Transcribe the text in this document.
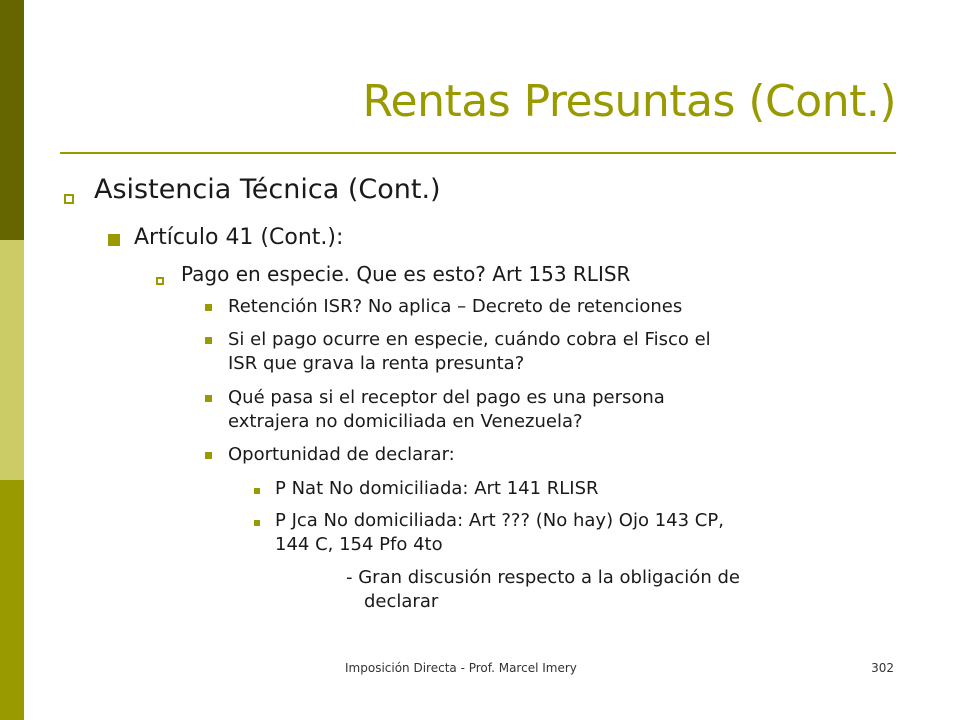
Rentas Presuntas (Cont.)
Asistencia Técnica (Cont.)
Artículo 41 (Cont.):
Pago en especie. Que es esto? Art 153 RLISR
Retención ISR? No aplica – Decreto de retenciones
Si el pago ocurre en especie, cuándo cobra el Fisco el
ISR que grava la renta presunta?
Qué pasa si el receptor del pago es una persona
extrajera no domiciliada en Venezuela?
Oportunidad de declarar:
P Nat No domiciliada: Art 141 RLISR
P Jca No domiciliada: Art ??? (No hay) Ojo 143 CP,
144 C, 154 Pfo 4to
- Gran discusión respecto a la obligación de
declarar
Imposición Directa - Prof. Marcel Imery	302
